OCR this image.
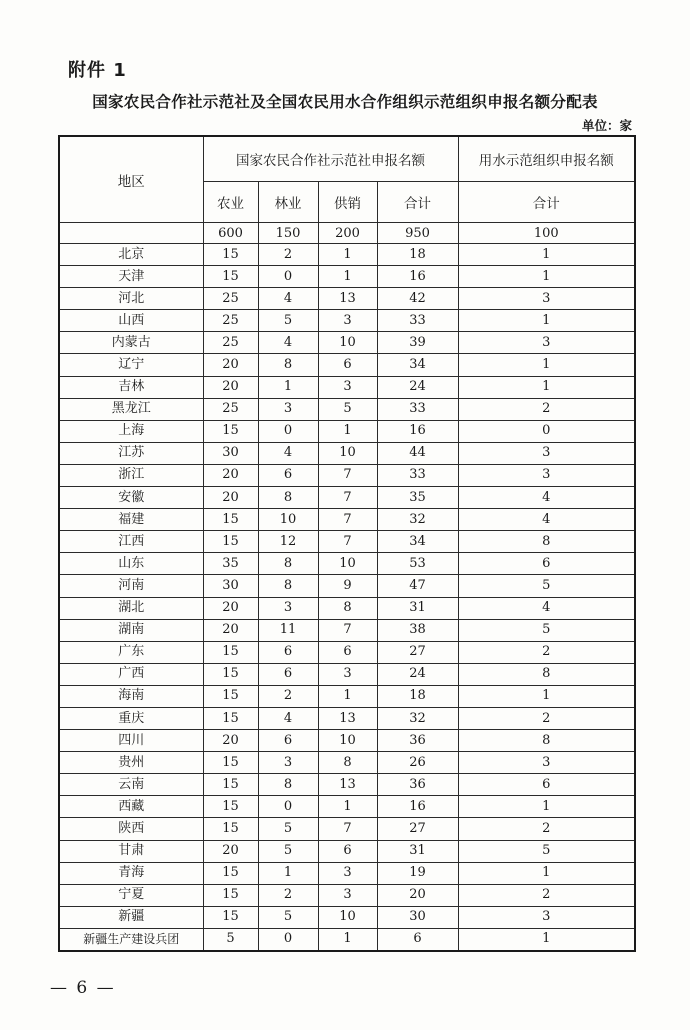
附件 1
国家农民合作社示范社及全国农民用水合作组织示范组织申报名额分配表
单位：家
地区	国家农民合作社示范社申报名额				用水示范组织申报名额
	农业	林业	供销	合计	合计
	600	150	200	950	100
北京	15	2	1	18	1
天津	15	0	1	16	1
河北	25	4	13	42	3
山西	25	5	3	33	1
内蒙古	25	4	10	39	3
辽宁	20	8	6	34	1
吉林	20	1	3	24	1
黑龙江	25	3	5	33	2
上海	15	0	1	16	0
江苏	30	4	10	44	3
浙江	20	6	7	33	3
安徽	20	8	7	35	4
福建	15	10	7	32	4
江西	15	12	7	34	8
山东	35	8	10	53	6
河南	30	8	9	47	5
湖北	20	3	8	31	4
湖南	20	11	7	38	5
广东	15	6	6	27	2
广西	15	6	3	24	8
海南	15	2	1	18	1
重庆	15	4	13	32	2
四川	20	6	10	36	8
贵州	15	3	8	26	3
云南	15	8	13	36	6
西藏	15	0	1	16	1
陕西	15	5	7	27	2
甘肃	20	5	6	31	5
青海	15	1	3	19	1
宁夏	15	2	3	20	2
新疆	15	5	10	30	3
新疆生产建设兵团	5	0	1	6	1
— 6 —
